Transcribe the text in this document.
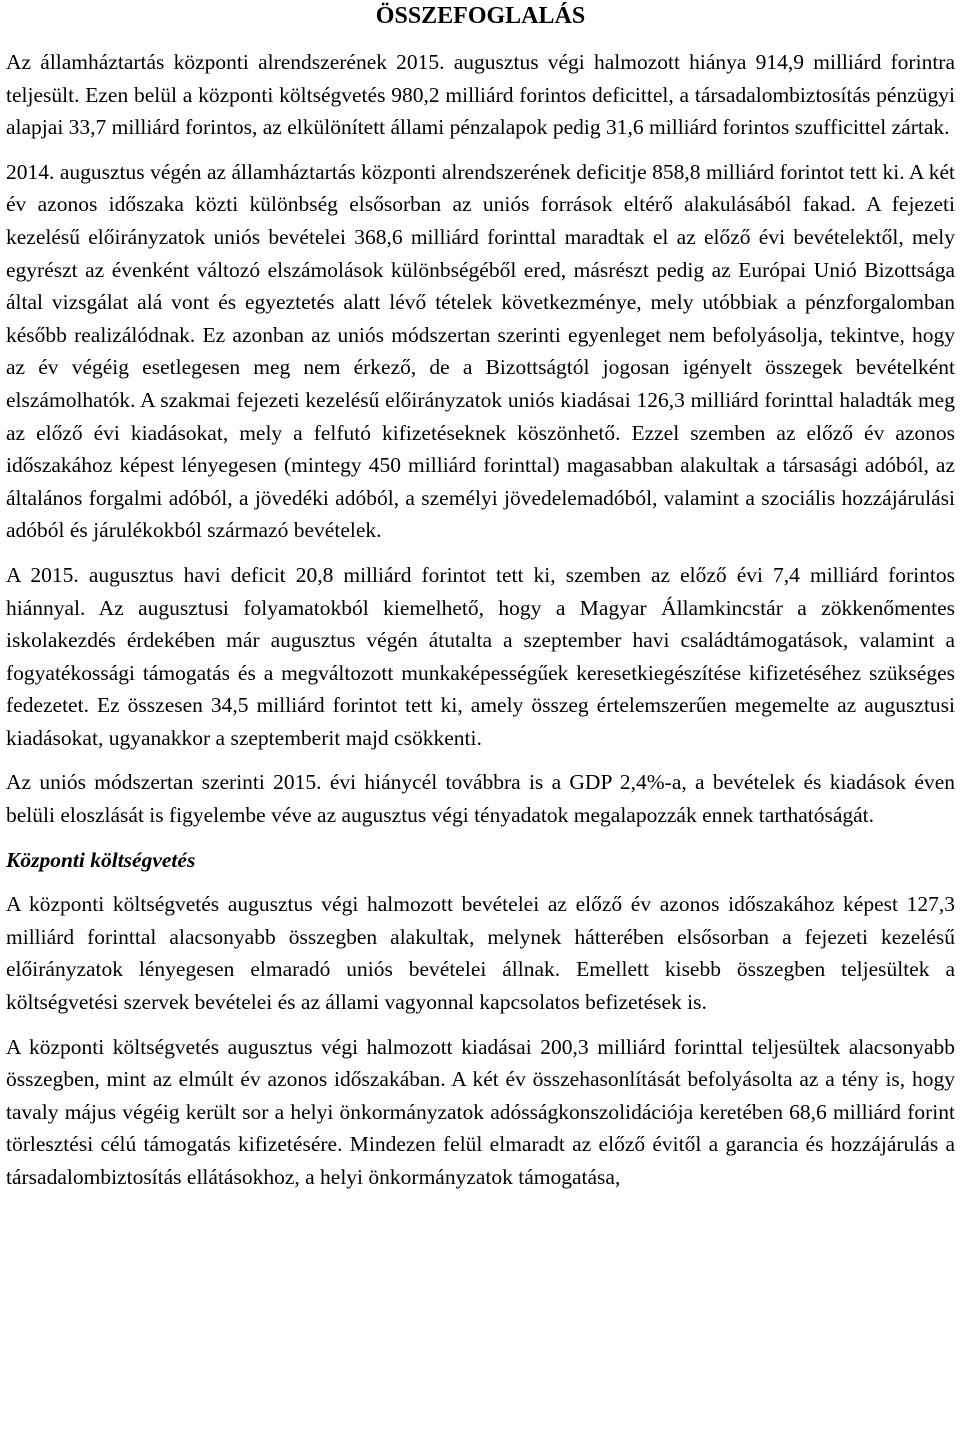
ÖSSZEFOGLALÁS

Az államháztartás központi alrendszerének 2015. augusztus végi halmozott hiánya 914,9 milliárd forintra teljesült. Ezen belül a központi költségvetés 980,2 milliárd forintos deficittel, a társadalombiztosítás pénzügyi alapjai 33,7 milliárd forintos, az elkülönített állami pénzalapok pedig 31,6 milliárd forintos szufficittel zártak.

2014. augusztus végén az államháztartás központi alrendszerének deficitje 858,8 milliárd forintot tett ki. A két év azonos időszaka közti különbség elsősorban az uniós források eltérő alakulásából fakad. A fejezeti kezelésű előirányzatok uniós bevételei 368,6 milliárd forinttal maradtak el az előző évi bevételektől, mely egyrészt az évenként változó elszámolások különbségéből ered, másrészt pedig az Európai Unió Bizottsága által vizsgálat alá vont és egyeztetés alatt lévő tételek következménye, mely utóbbiak a pénzforgalomban később realizálódnak. Ez azonban az uniós módszertan szerinti egyenleget nem befolyásolja, tekintve, hogy az év végéig esetlegesen meg nem érkező, de a Bizottságtól jogosan igényelt összegek bevételként elszámolhatók. A szakmai fejezeti kezelésű előirányzatok uniós kiadásai 126,3 milliárd forinttal haladták meg az előző évi kiadásokat, mely a felfutó kifizetéseknek köszönhető. Ezzel szemben az előző év azonos időszakához képest lényegesen (mintegy 450 milliárd forinttal) magasabban alakultak a társasági adóból, az általános forgalmi adóból, a jövedéki adóból, a személyi jövedelemadóból, valamint a szociális hozzájárulási adóból és járulékokból származó bevételek.

A 2015. augusztus havi deficit 20,8 milliárd forintot tett ki, szemben az előző évi 7,4 milliárd forintos hiánnyal. Az augusztusi folyamatokból kiemelhető, hogy a Magyar Államkincstár a zökkenőmentes iskolakezdés érdekében már augusztus végén átutalta a szeptember havi családtámogatások, valamint a fogyatékossági támogatás és a megváltozott munkaképességűek keresetkiegészítése kifizetéséhez szükséges fedezetet. Ez összesen 34,5 milliárd forintot tett ki, amely összeg értelemszerűen megemelte az augusztusi kiadásokat, ugyanakkor a szeptemberit majd csökkenti.

Az uniós módszertan szerinti 2015. évi hiánycél továbbra is a GDP 2,4%-a, a bevételek és kiadások éven belüli eloszlását is figyelembe véve az augusztus végi tényadatok megalapozzák ennek tarthatóságát.

Központi költségvetés

A központi költségvetés augusztus végi halmozott bevételei az előző év azonos időszakához képest 127,3 milliárd forinttal alacsonyabb összegben alakultak, melynek hátterében elsősorban a fejezeti kezelésű előirányzatok lényegesen elmaradó uniós bevételei állnak. Emellett kisebb összegben teljesültek a költségvetési szervek bevételei és az állami vagyonnal kapcsolatos befizetések is.

A központi költségvetés augusztus végi halmozott kiadásai 200,3 milliárd forinttal teljesültek alacsonyabb összegben, mint az elmúlt év azonos időszakában. A két év összehasonlítását befolyásolta az a tény is, hogy tavaly május végéig került sor a helyi önkormányzatok adósságkonszolidációja keretében 68,6 milliárd forint törlesztési célú támogatás kifizetésére. Mindezen felül elmaradt az előző évitől a garancia és hozzájárulás a társadalombiztosítás ellátásokhoz, a helyi önkormányzatok támogatása,
